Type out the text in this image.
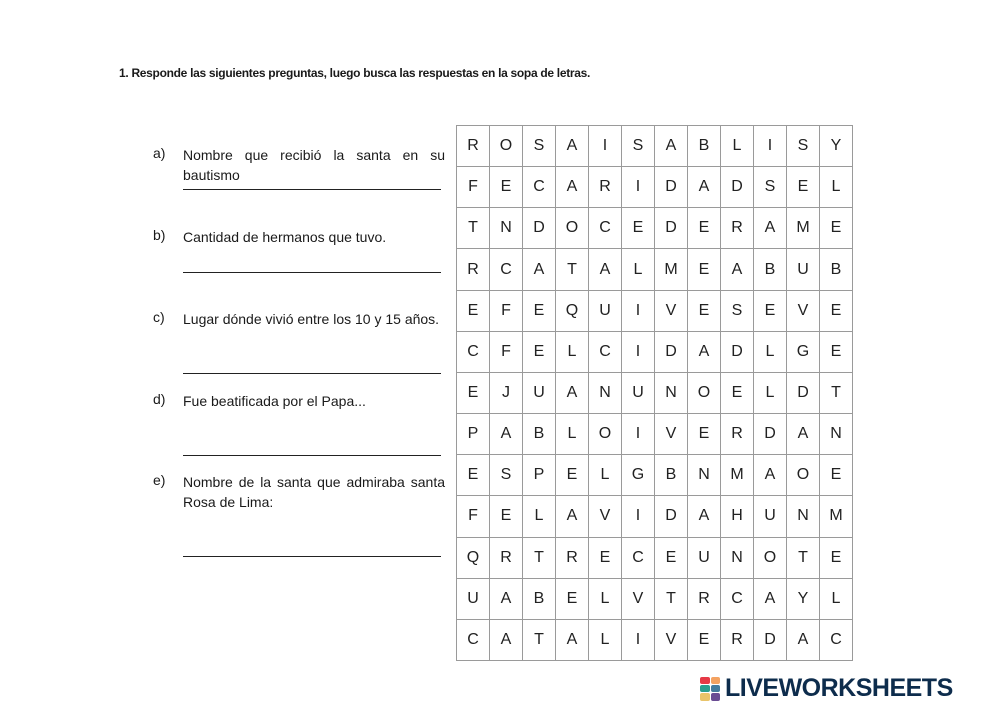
1. Responde las siguientes preguntas, luego busca las respuestas en la sopa de letras.
a) Nombre que recibió la santa en su bautismo
b) Cantidad de hermanos que tuvo.
c) Lugar dónde vivió entre los 10 y 15 años.
d) Fue beatificada por el Papa...
e) Nombre de la santa que admiraba santa Rosa de Lima:
R	O	S	A	I	S	A	B	L	I	S	Y
F	E	C	A	R	I	D	A	D	S	E	L
T	N	D	O	C	E	D	E	R	A	M	E
R	C	A	T	A	L	M	E	A	B	U	B
E	F	E	Q	U	I	V	E	S	E	V	E
C	F	E	L	C	I	D	A	D	L	G	E
E	J	U	A	N	U	N	O	E	L	D	T
P	A	B	L	O	I	V	E	R	D	A	N
E	S	P	E	L	G	B	N	M	A	O	E
F	E	L	A	V	I	D	A	H	U	N	M
Q	R	T	R	E	C	E	U	N	O	T	E
U	A	B	E	L	V	T	R	C	A	Y	L
C	A	T	A	L	I	V	E	R	D	A	C
LIVEWORKSHEETS
